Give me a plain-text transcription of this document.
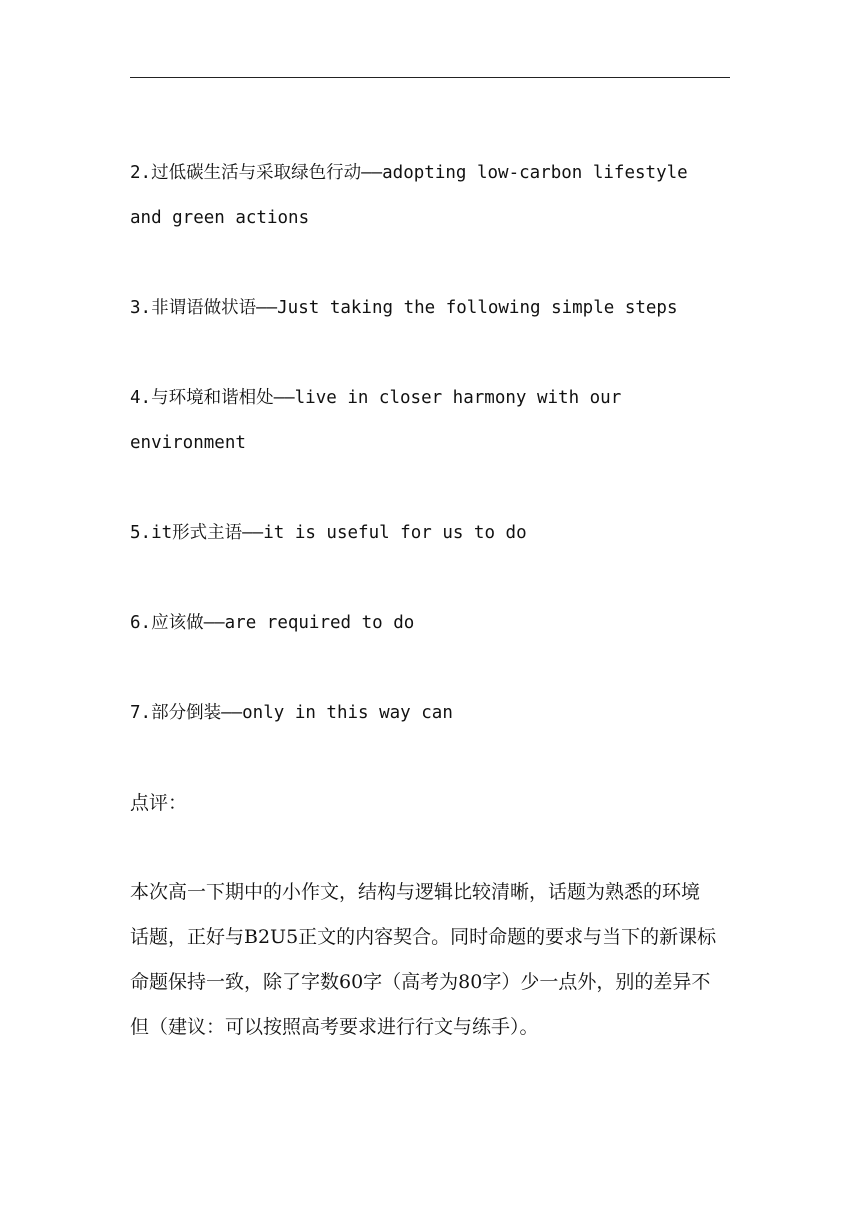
2.过低碳生活与采取绿色行动——adopting low-carbon lifestyle
and green actions
3.非谓语做状语——Just taking the following simple steps
4.与环境和谐相处——live in closer harmony with our
environment
5.it形式主语——it is useful for us to do
6.应该做——are required to do
7.部分倒装——only in this way can
点评：
本次高一下期中的小作文，结构与逻辑比较清晰，话题为熟悉的环境
话题，正好与B2U5正文的内容契合。同时命题的要求与当下的新课标
命题保持一致，除了字数60字（高考为80字）少一点外，别的差异不
但（建议：可以按照高考要求进行行文与练手）。
